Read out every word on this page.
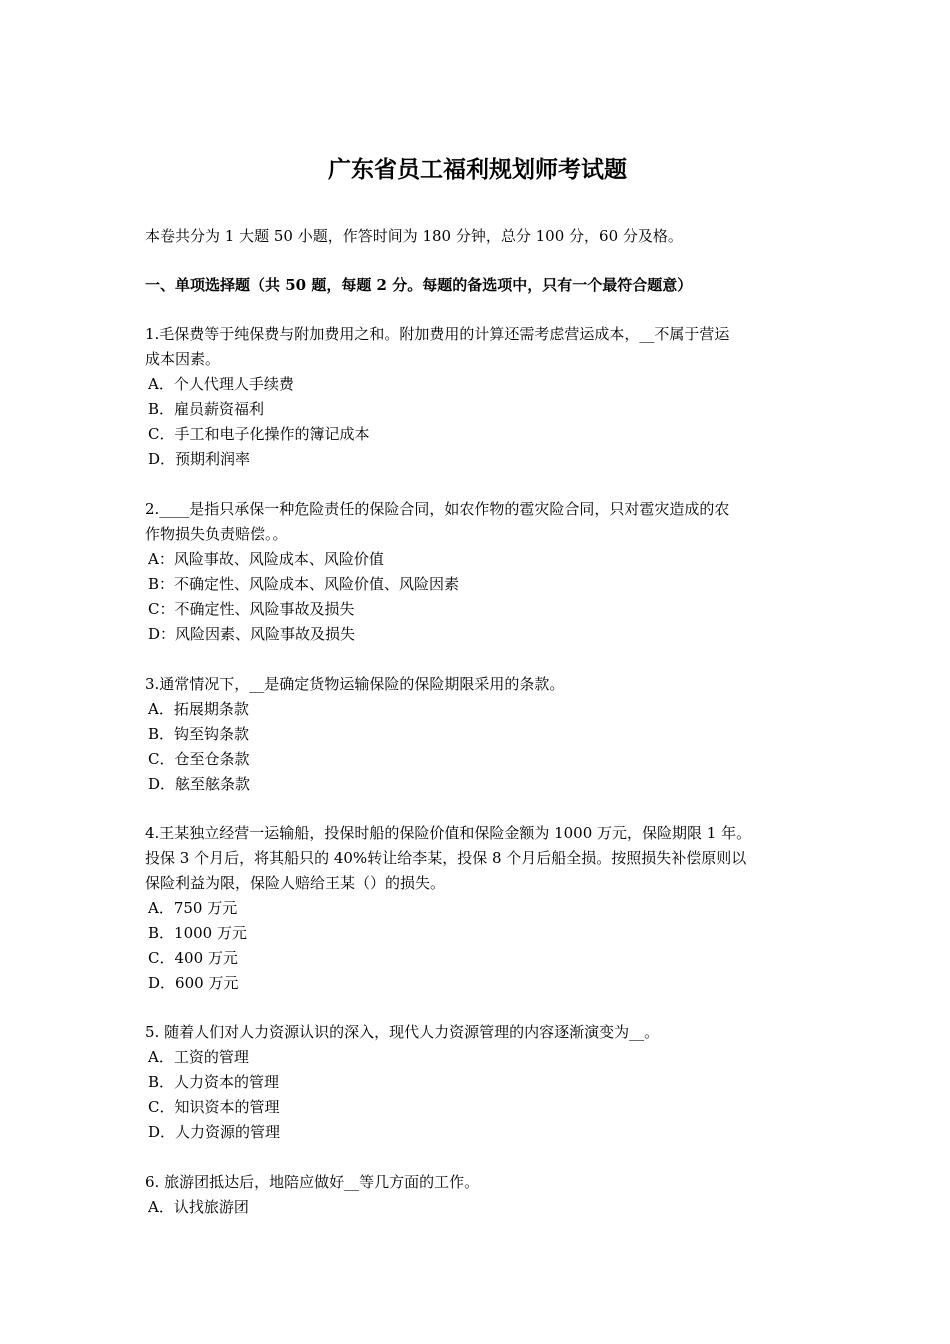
广东省员工福利规划师考试题

本卷共分为 1 大题 50 小题，作答时间为 180 分钟，总分 100 分，60 分及格。

一、单项选择题（共 50 题，每题 2 分。每题的备选项中，只有一个最符合题意）

1.毛保费等于纯保费与附加费用之和。附加费用的计算还需考虑营运成本，__不属于营运
成本因素。

A．个人代理人手续费
B．雇员薪资福利
C．手工和电子化操作的簿记成本
D．预期利润率

2.____是指只承保一种危险责任的保险合同，如农作物的雹灾险合同，只对雹灾造成的农
作物损失负责赔偿。。

A：风险事故、风险成本、风险价值
B：不确定性、风险成本、风险价值、风险因素
C：不确定性、风险事故及损失
D：风险因素、风险事故及损失

3.通常情况下，__是确定货物运输保险的保险期限采用的条款。

A．拓展期条款
B．钩至钩条款
C．仓至仓条款
D．舷至舷条款

4.王某独立经营一运输船，投保时船的保险价值和保险金额为 1000 万元，保险期限 1 年。
投保 3 个月后，将其船只的 40%转让给李某，投保 8 个月后船全损。按照损失补偿原则以
保险利益为限，保险人赔给王某（）的损失。

A．750 万元
B．1000 万元
C．400 万元
D．600 万元

5. 随着人们对人力资源认识的深入，现代人力资源管理的内容逐渐演变为__。

A．工资的管理
B．人力资本的管理
C．知识资本的管理
D．人力资源的管理

6. 旅游团抵达后，地陪应做好__等几方面的工作。

A．认找旅游团
